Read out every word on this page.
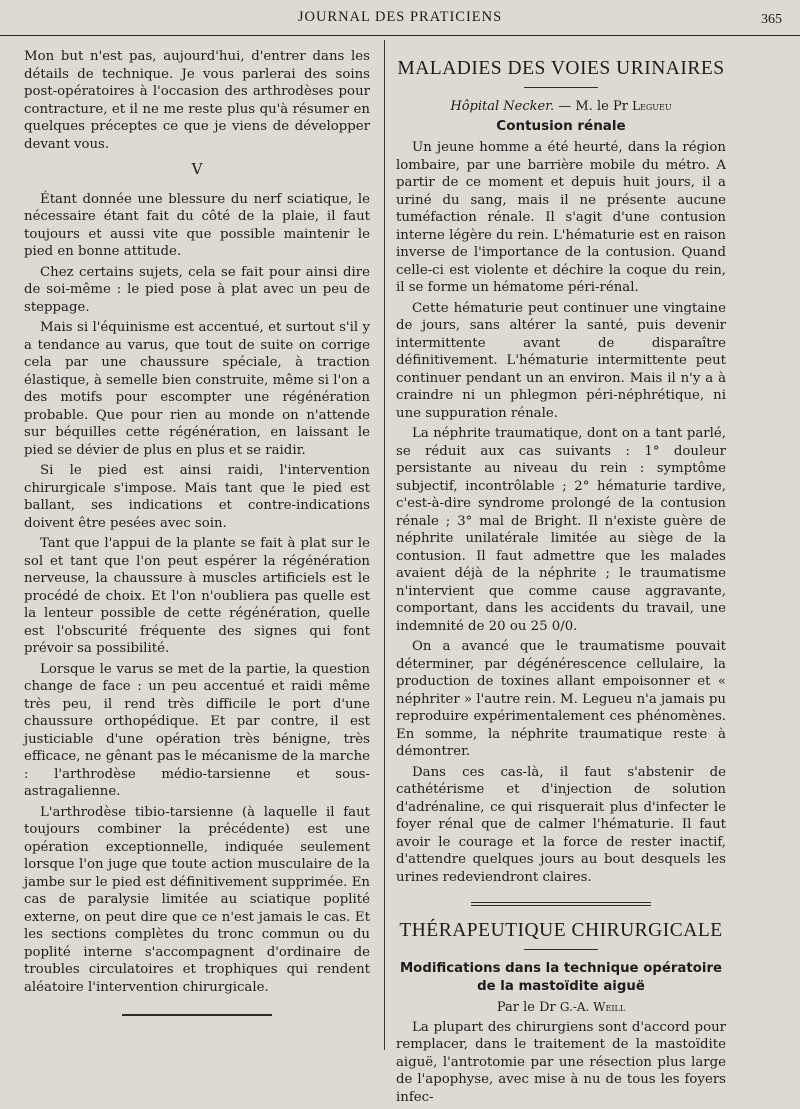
JOURNAL DES PRATICIENS	365

Mon but n'est pas, aujourd'hui, d'entrer dans les détails de technique. Je vous parlerai des soins post-opératoires à l'occasion des arthrodèses pour contracture, et il ne me reste plus qu'à résumer en quelques préceptes ce que je viens de développer devant vous.

V

Étant donnée une blessure du nerf sciatique, le nécessaire étant fait du côté de la plaie, il faut toujours et aussi vite que possible maintenir le pied en bonne attitude.

Chez certains sujets, cela se fait pour ainsi dire de soi-même : le pied pose à plat avec un peu de steppage.

Mais si l'équinisme est accentué, et surtout s'il y a tendance au varus, que tout de suite on corrige cela par une chaussure spéciale, à traction élastique, à semelle bien construite, même si l'on a des motifs pour escompter une régénération probable. Que pour rien au monde on n'attende sur béquilles cette régénération, en laissant le pied se dévier de plus en plus et se raidir.

Si le pied est ainsi raidi, l'intervention chirurgicale s'impose. Mais tant que le pied est ballant, ses indications et contre-indications doivent être pesées avec soin.

Tant que l'appui de la plante se fait à plat sur le sol et tant que l'on peut espérer la régénération nerveuse, la chaussure à muscles artificiels est le procédé de choix. Et l'on n'oubliera pas quelle est la lenteur possible de cette régénération, quelle est l'obscurité fréquente des signes qui font prévoir sa possibilité.

Lorsque le varus se met de la partie, la question change de face : un peu accentué et raidi même très peu, il rend très difficile le port d'une chaussure orthopédique. Et par contre, il est justiciable d'une opération très bénigne, très efficace, ne gênant pas le mécanisme de la marche : l'arthrodèse médio-tarsienne et sous-astragalienne.

L'arthrodèse tibio-tarsienne (à laquelle il faut toujours combiner la précédente) est une opération exceptionnelle, indiquée seulement lorsque l'on juge que toute action musculaire de la jambe sur le pied est définitivement supprimée. En cas de paralysie limitée au sciatique poplité externe, on peut dire que ce n'est jamais le cas. Et les sections complètes du tronc commun ou du poplité interne s'accompagnent d'ordinaire de troubles circulatoires et trophiques qui rendent aléatoire l'intervention chirurgicale.

MALADIES DES VOIES URINAIRES
Hôpital Necker. — M. le Pr Legueu
Contusion rénale

Un jeune homme a été heurté, dans la région lombaire, par une barrière mobile du métro. A partir de ce moment et depuis huit jours, il a uriné du sang, mais il ne présente aucune tuméfaction rénale. Il s'agit d'une contusion interne légère du rein. L'hématurie est en raison inverse de l'importance de la contusion. Quand celle-ci est violente et déchire la coque du rein, il se forme un hématome péri-rénal.

Cette hématurie peut continuer une vingtaine de jours, sans altérer la santé, puis devenir intermittente avant de disparaître définitivement. L'hématurie intermittente peut continuer pendant un an environ. Mais il n'y a à craindre ni un phlegmon péri-néphrétique, ni une suppuration rénale.

La néphrite traumatique, dont on a tant parlé, se réduit aux cas suivants : 1° douleur persistante au niveau du rein : symptôme subjectif, incontrôlable ; 2° hématurie tardive, c'est-à-dire syndrome prolongé de la contusion rénale ; 3° mal de Bright. Il n'existe guère de néphrite unilatérale limitée au siège de la contusion. Il faut admettre que les malades avaient déjà de la néphrite ; le traumatisme n'intervient que comme cause aggravante, comportant, dans les accidents du travail, une indemnité de 20 ou 25 0/0.

On a avancé que le traumatisme pouvait déterminer, par dégénérescence cellulaire, la production de toxines allant empoisonner et « néphriter » l'autre rein. M. Legueu n'a jamais pu reproduire expérimentalement ces phénomènes. En somme, la néphrite traumatique reste à démontrer.

Dans ces cas-là, il faut s'abstenir de cathétérisme et d'injection de solution d'adrénaline, ce qui risquerait plus d'infecter le foyer rénal que de calmer l'hématurie. Il faut avoir le courage et la force de rester inactif, d'attendre quelques jours au bout desquels les urines redeviendront claires.

THÉRAPEUTIQUE CHIRURGICALE
Modifications dans la technique opératoire
de la mastoïdite aiguë
Par le Dr G.-A. Weill

La plupart des chirurgiens sont d'accord pour remplacer, dans le traitement de la mastoïdite aiguë, l'antrotomie par une résection plus large de l'apophyse, avec mise à nu de tous les foyers infec-
